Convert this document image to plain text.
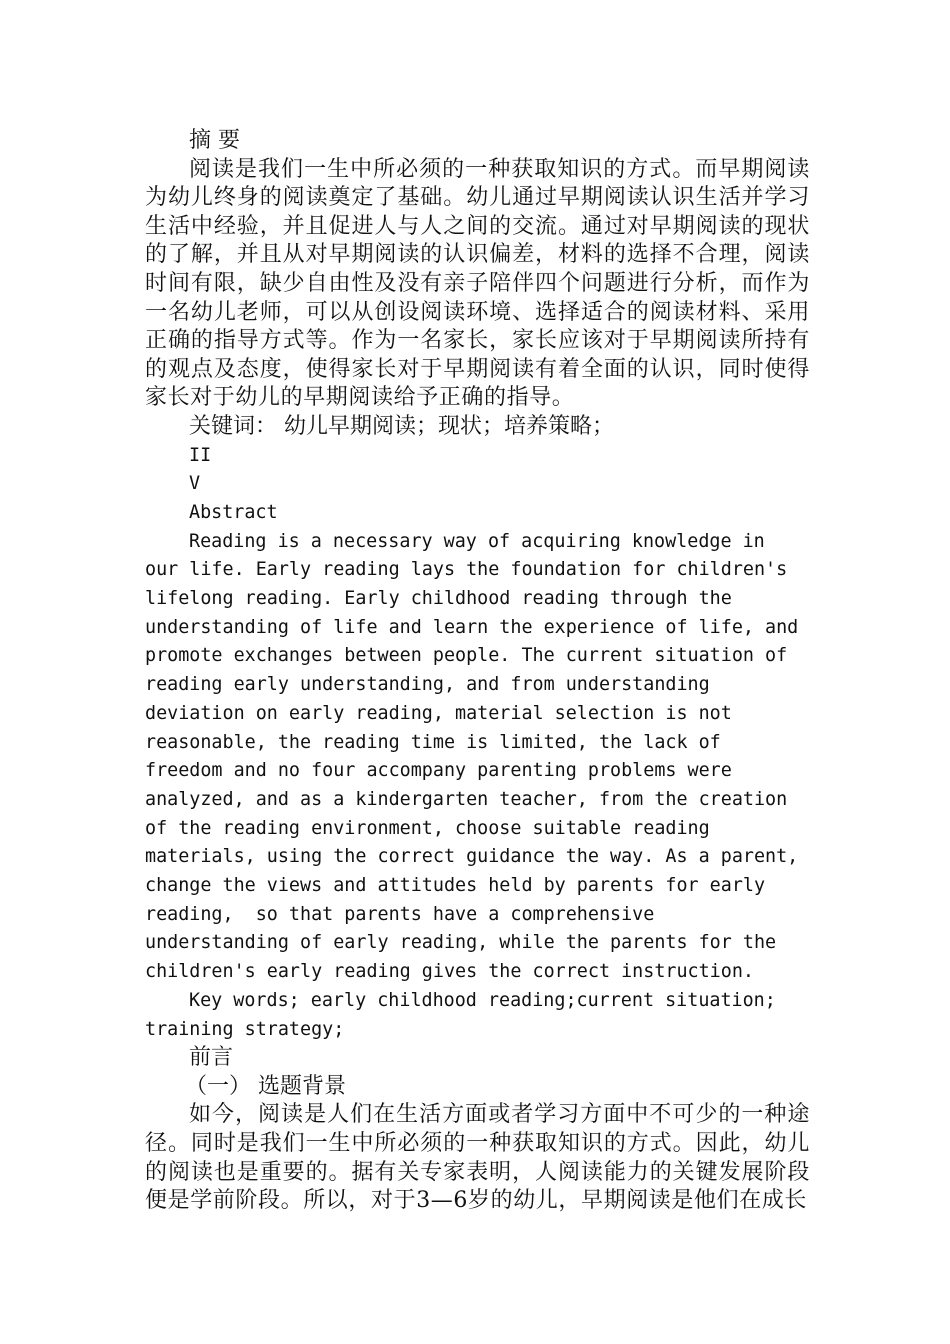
摘 要

阅读是我们一生中所必须的一种获取知识的方式。而早期阅读为幼儿终身的阅读奠定了基础。幼儿通过早期阅读认识生活并学习生活中经验，并且促进人与人之间的交流。通过对早期阅读的现状的了解，并且从对早期阅读的认识偏差，材料的选择不合理，阅读时间有限，缺少自由性及没有亲子陪伴四个问题进行分析，而作为一名幼儿老师，可以从创设阅读环境、选择适合的阅读材料、采用正确的指导方式等。作为一名家长，家长应该对于早期阅读所持有的观点及态度，使得家长对于早期阅读有着全面的认识，同时使得家长对于幼儿的早期阅读给予正确的指导。

关键词： 幼儿早期阅读；现状；培养策略；

II

V

Abstract

Reading is a necessary way of acquiring knowledge in

our life. Early reading lays the foundation for children's

lifelong reading. Early childhood reading through the

understanding of life and learn the experience of life, and

promote exchanges between people. The current situation of

reading early understanding, and from understanding

deviation on early reading, material selection is not

reasonable, the reading time is limited, the lack of

freedom and no four accompany parenting problems were

analyzed, and as a kindergarten teacher, from the creation

of the reading environment, choose suitable reading

materials, using the correct guidance the way. As a parent,

change the views and attitudes held by parents for early

reading,  so that parents have a comprehensive

understanding of early reading, while the parents for the

children's early reading gives the correct instruction.

Key words; early childhood reading;current situation;

training strategy;

前言

（一） 选题背景

如今，阅读是人们在生活方面或者学习方面中不可少的一种途径。同时是我们一生中所必须的一种获取知识的方式。因此，幼儿的阅读也是重要的。据有关专家表明，人阅读能力的关键发展阶段便是学前阶段。所以，对于3—6岁的幼儿，早期阅读是他们在成长
